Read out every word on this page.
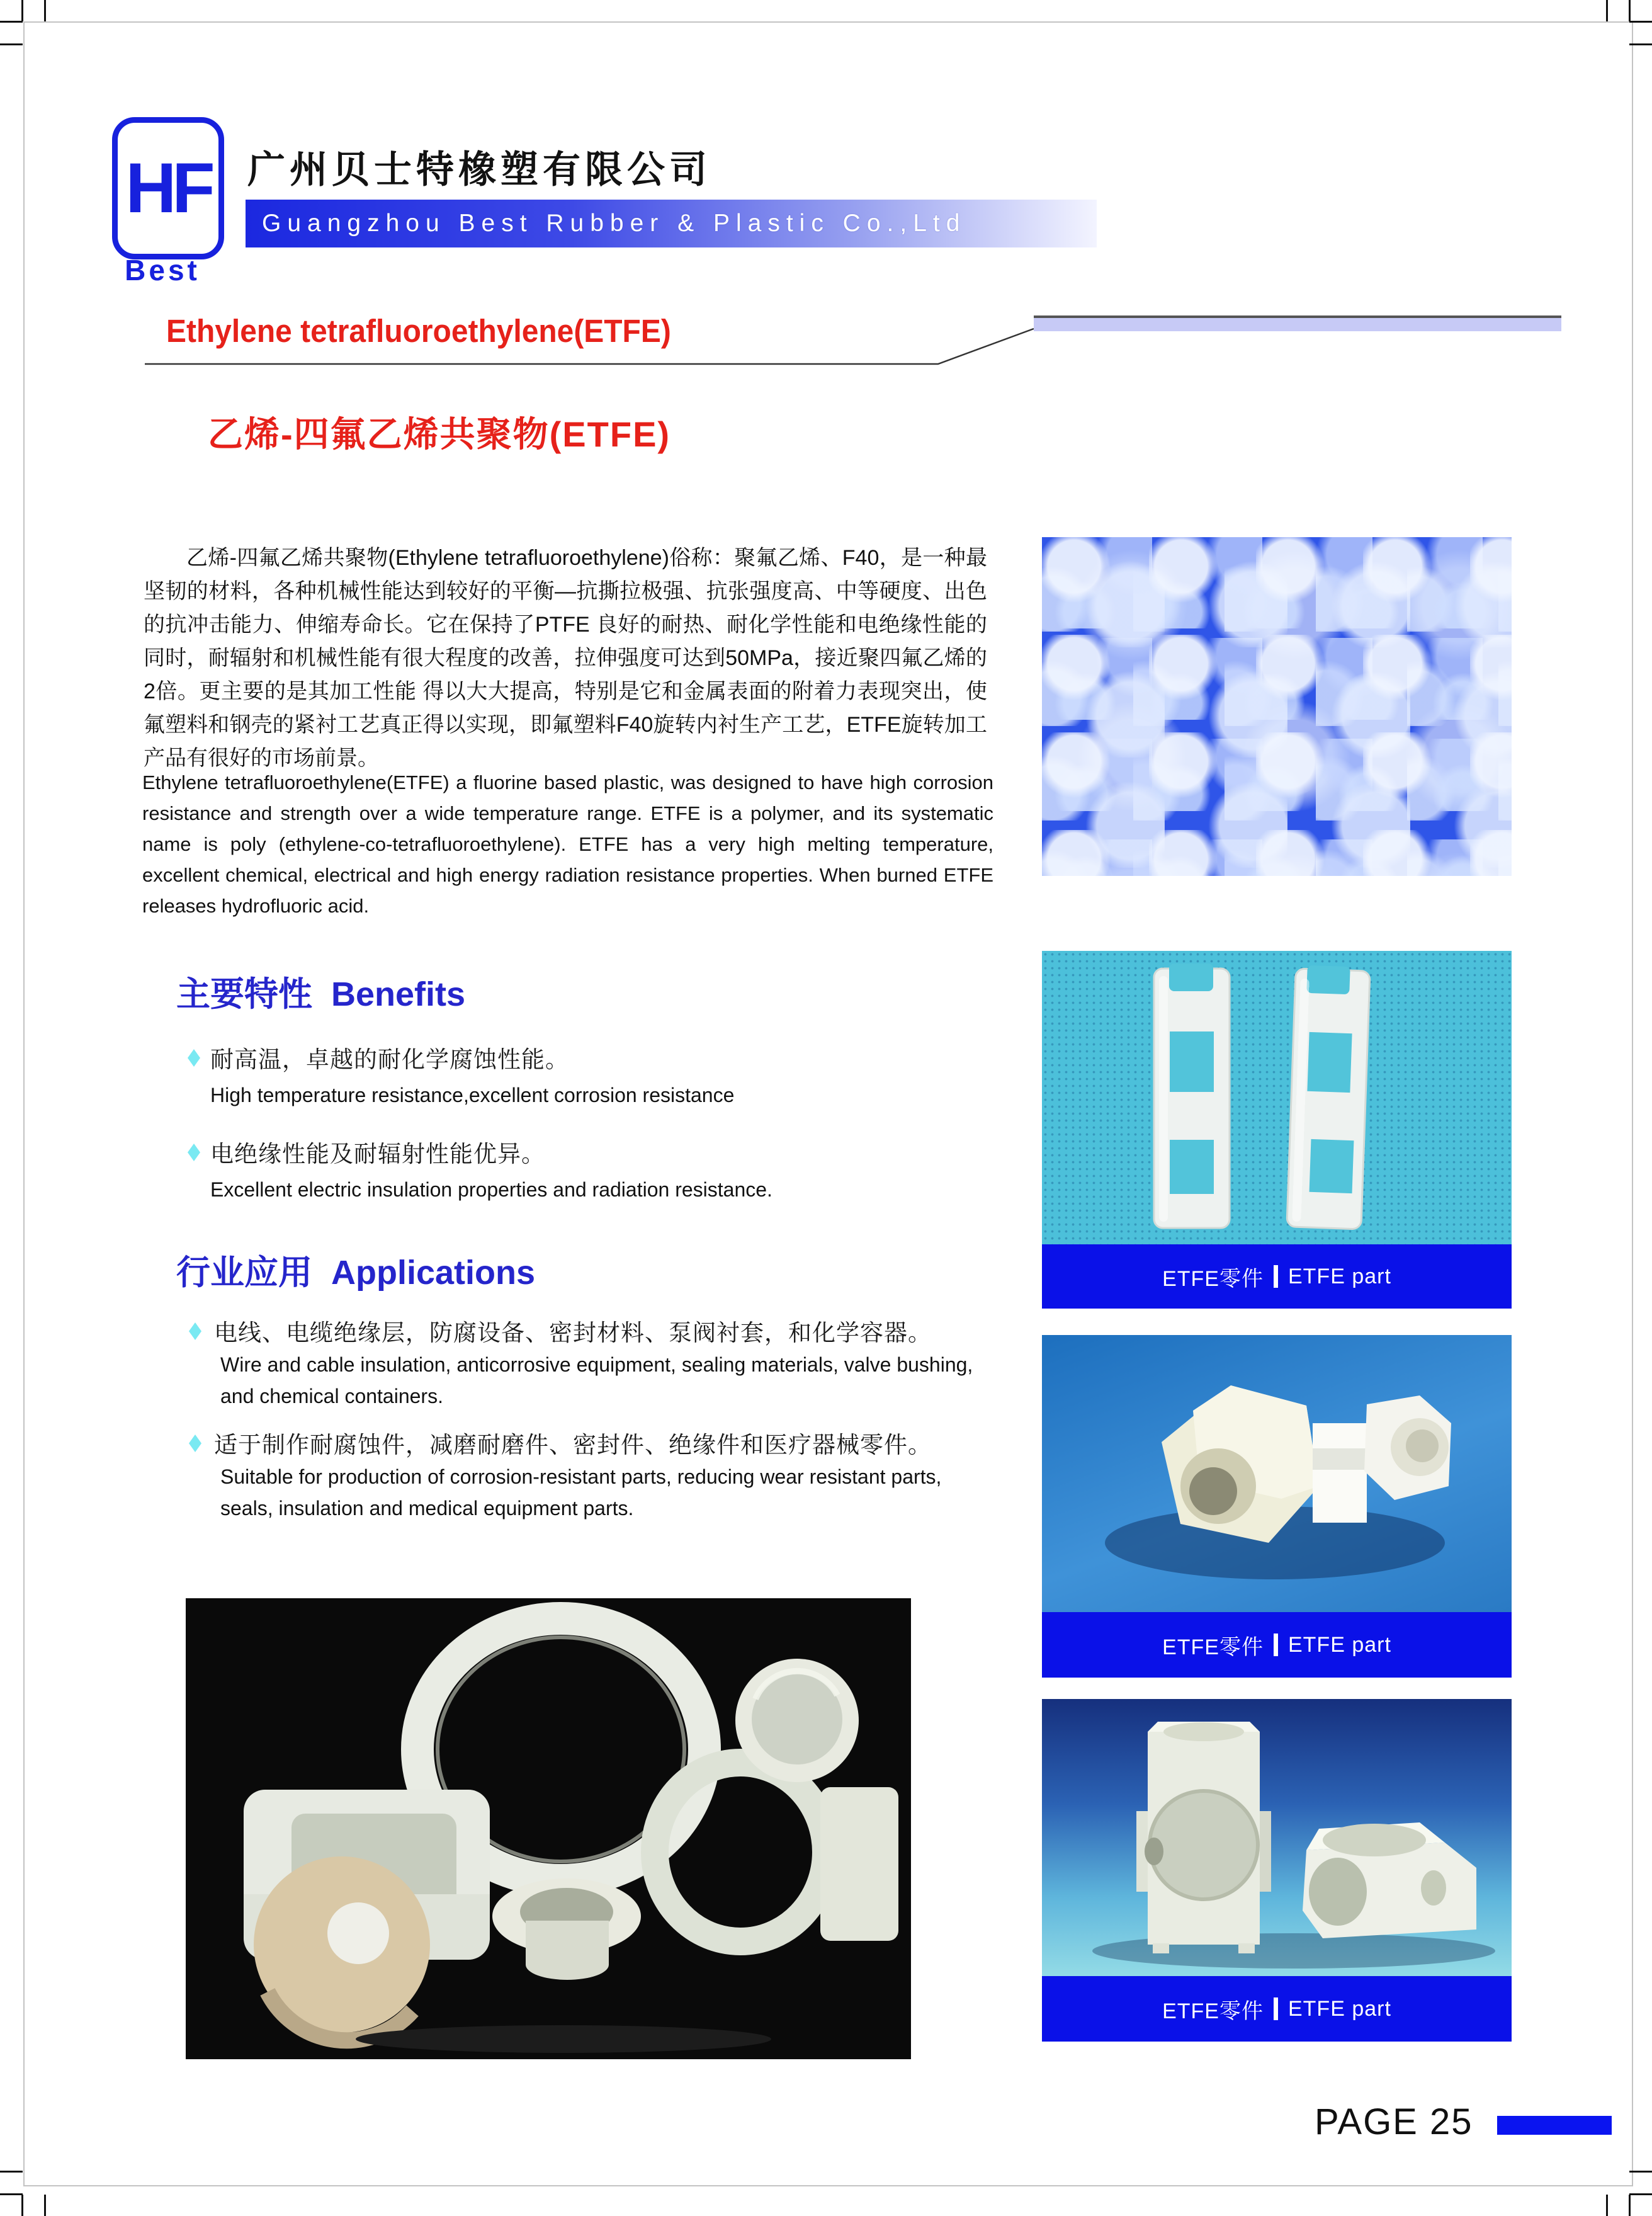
HF
Best
广州贝士特橡塑有限公司
Guangzhou Best Rubber & Plastic Co.,Ltd
Ethylene tetrafluoroethylene(ETFE)
乙烯-四氟乙烯共聚物(ETFE)
乙烯-四氟乙烯共聚物(Ethylene tetrafluoroethylene)俗称：聚氟乙烯、F40，是一种最坚韧的材料，各种机械性能达到较好的平衡—抗撕拉极强、抗张强度高、中等硬度、出色的抗冲击能力、伸缩寿命长。它在保持了PTFE 良好的耐热、耐化学性能和电绝缘性能的同时，耐辐射和机械性能有很大程度的改善，拉伸强度可达到50MPa，接近聚四氟乙烯的2倍。更主要的是其加工性能 得以大大提高，特别是它和金属表面的附着力表现突出，使氟塑料和钢壳的紧衬工艺真正得以实现，即氟塑料F40旋转内衬生产工艺，ETFE旋转加工产品有很好的市场前景。
Ethylene tetrafluoroethylene(ETFE) a fluorine based plastic, was designed to have high corrosion resistance and strength over a wide temperature range. ETFE is a polymer, and its systematic name is poly (ethylene-co-tetrafluoroethylene). ETFE has a very high melting temperature, excellent chemical, electrical and high energy radiation resistance properties. When burned ETFE releases hydrofluoric acid.
主要特性  Benefits
耐高温，卓越的耐化学腐蚀性能。
High temperature resistance,excellent corrosion resistance
电绝缘性能及耐辐射性能优异。
Excellent electric insulation properties and radiation resistance.
行业应用  Applications
电线、电缆绝缘层，防腐设备、密封材料、泵阀衬套，和化学容器。
Wire and cable insulation, anticorrosive equipment, sealing materials, valve bushing, and chemical containers.
适于制作耐腐蚀件，减磨耐磨件、密封件、绝缘件和医疗器械零件。
Suitable for production of corrosion-resistant parts, reducing wear resistant parts, seals, insulation and medical equipment parts.
ETFE零件 ETFE part
ETFE零件 ETFE part
ETFE零件 ETFE part
PAGE 25
